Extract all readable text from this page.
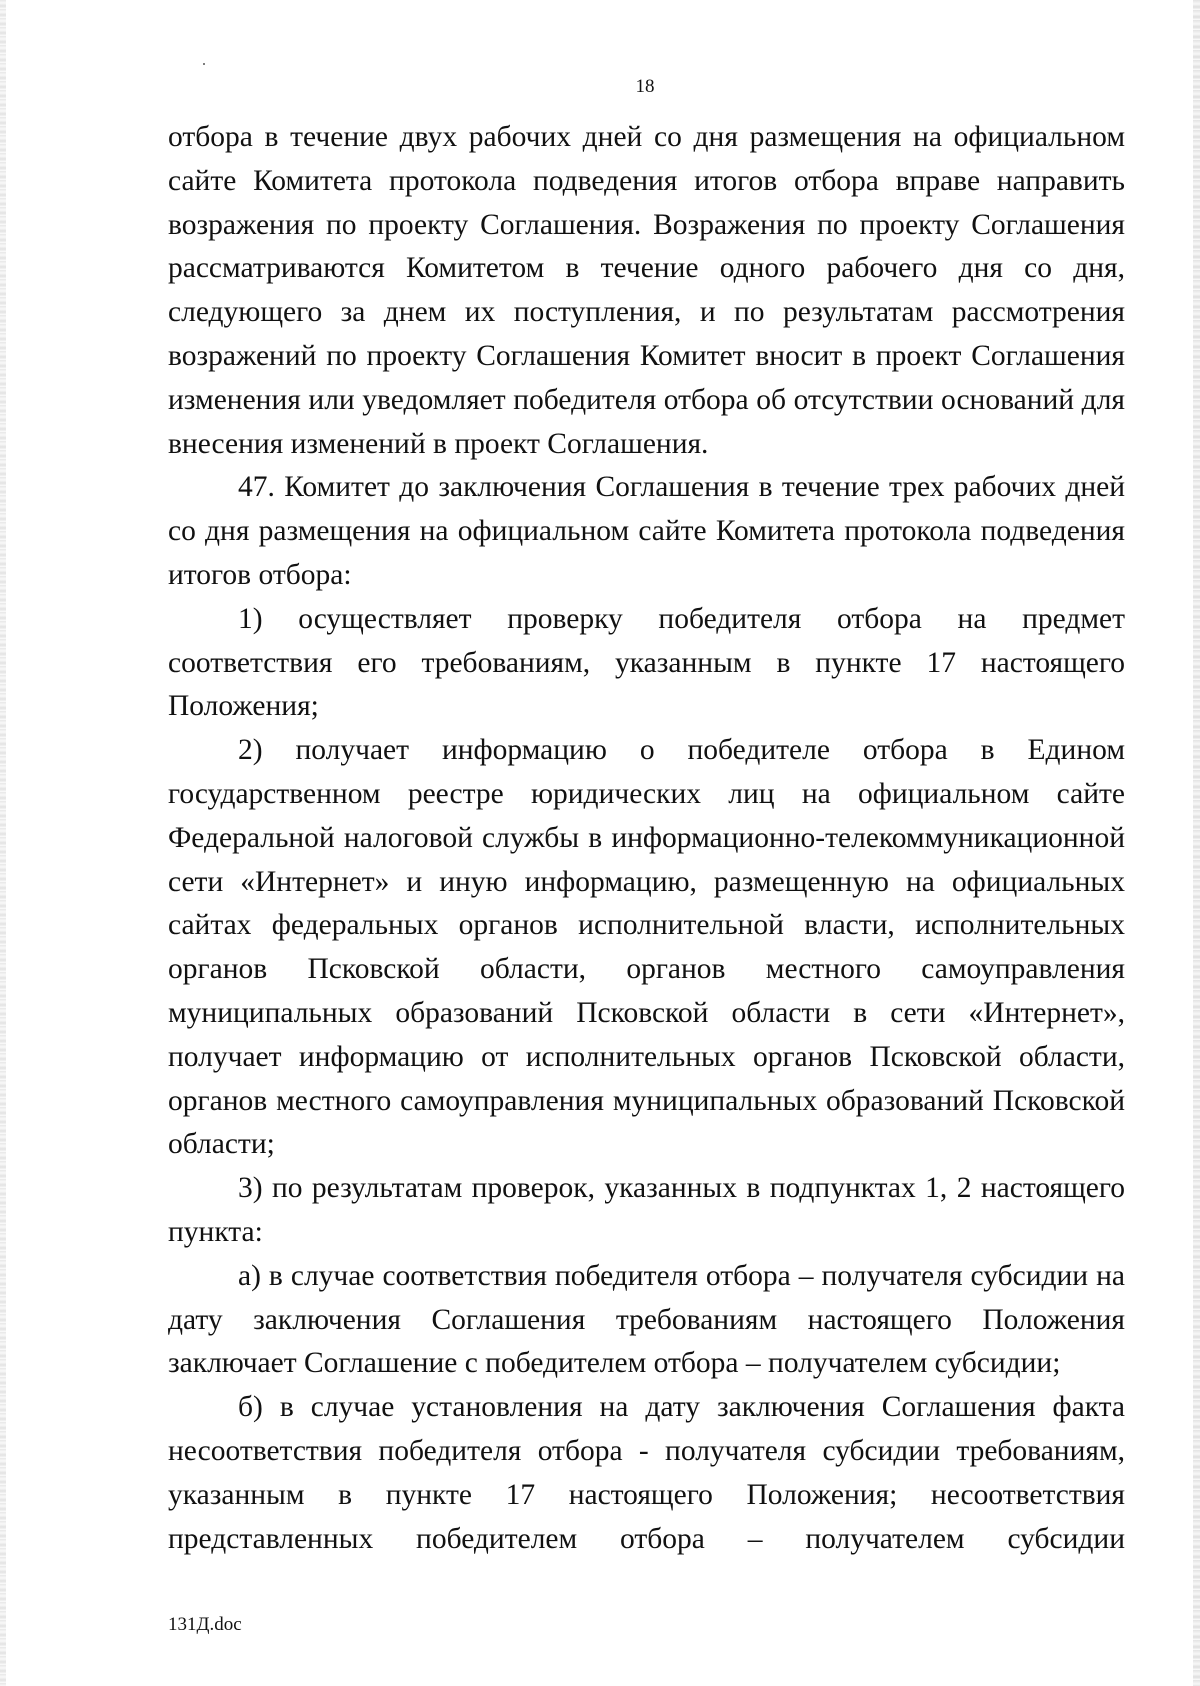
18

отбора в течение двух рабочих дней со дня размещения на официальном сайте Комитета протокола подведения итогов отбора вправе направить возражения по проекту Соглашения. Возражения по проекту Соглашения рассматриваются Комитетом в течение одного рабочего дня со дня, следующего за днем их поступления, и по результатам рассмотрения возражений по проекту Соглашения Комитет вносит в проект Соглашения изменения или уведомляет победителя отбора об отсутствии оснований для внесения изменений в проект Соглашения.

47. Комитет до заключения Соглашения в течение трех рабочих дней со дня размещения на официальном сайте Комитета протокола подведения итогов отбора:

1) осуществляет проверку победителя отбора на предмет соответствия его требованиям, указанным в пункте 17 настоящего Положения;

2) получает информацию о победителе отбора в Едином государственном реестре юридических лиц на официальном сайте Федеральной налоговой службы в информационно-телекоммуникационной сети «Интернет» и иную информацию, размещенную на официальных сайтах федеральных органов исполнительной власти, исполнительных органов Псковской области, органов местного самоуправления муниципальных образований Псковской области в сети «Интернет», получает информацию от исполнительных органов Псковской области, органов местного самоуправления муниципальных образований Псковской области;

3) по результатам проверок, указанных в подпунктах 1, 2 настоящего пункта:

а) в случае соответствия победителя отбора – получателя субсидии на дату заключения Соглашения требованиям настоящего Положения заключает Соглашение с победителем отбора – получателем субсидии;

б) в случае установления на дату заключения Соглашения факта несоответствия победителя отбора - получателя субсидии требованиям, указанным в пункте 17 настоящего Положения; несоответствия представленных победителем отбора – получателем субсидии

131Д.doc
